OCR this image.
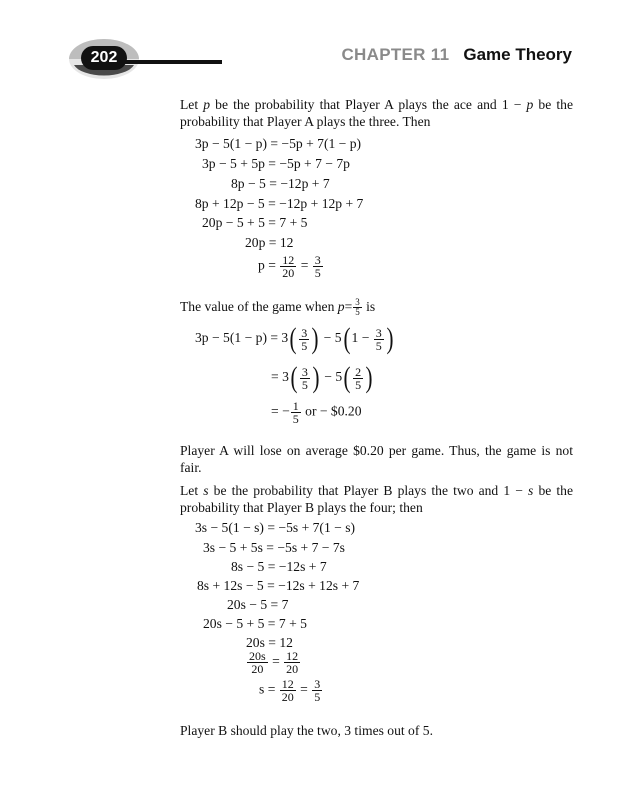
202	CHAPTER 11 Game Theory
Let p be the probability that Player A plays the ace and 1 − p be the probability that Player A plays the three. Then
3p − 5(1 − p) = −5p + 7(1 − p)
3p − 5 + 5p = −5p + 7 − 7p
8p − 5 = −12p + 7
8p + 12p − 5 = −12p + 12p + 7
20p − 5 + 5 = 7 + 5
20p = 12
$p = \frac{12}{20} = \frac{3}{5}$
The value of the game when $p= \frac{3}{5}$ is
$3p - 5(1 - p) = 3( \frac{3}{5}$ ) − 5( $1 - \frac{3}{5}$ )
= $3( \frac{3}{5}$ ) − $5( \frac{2}{5}$ )
= − $\frac{1}{5}$ or − $0.20
Player A will lose on average $0.20 per game. Thus, the game is not fair.
Let s be the probability that Player B plays the two and 1 − s be the probability that Player B plays the four; then
3s − 5(1 − s) = −5s + 7(1 − s)
3s − 5 + 5s = −5s + 7 − 7s
8s − 5 = −12s + 7
8s + 12s − 5 = −12s + 12s + 7
20s − 5 = 7
20s − 5 + 5 = 7 + 5
20s = 12
$\frac{20s}{20} = \frac{12}{20}$
$s = \frac{12}{20} = \frac{3}{5}$
Player B should play the two, 3 times out of 5.
